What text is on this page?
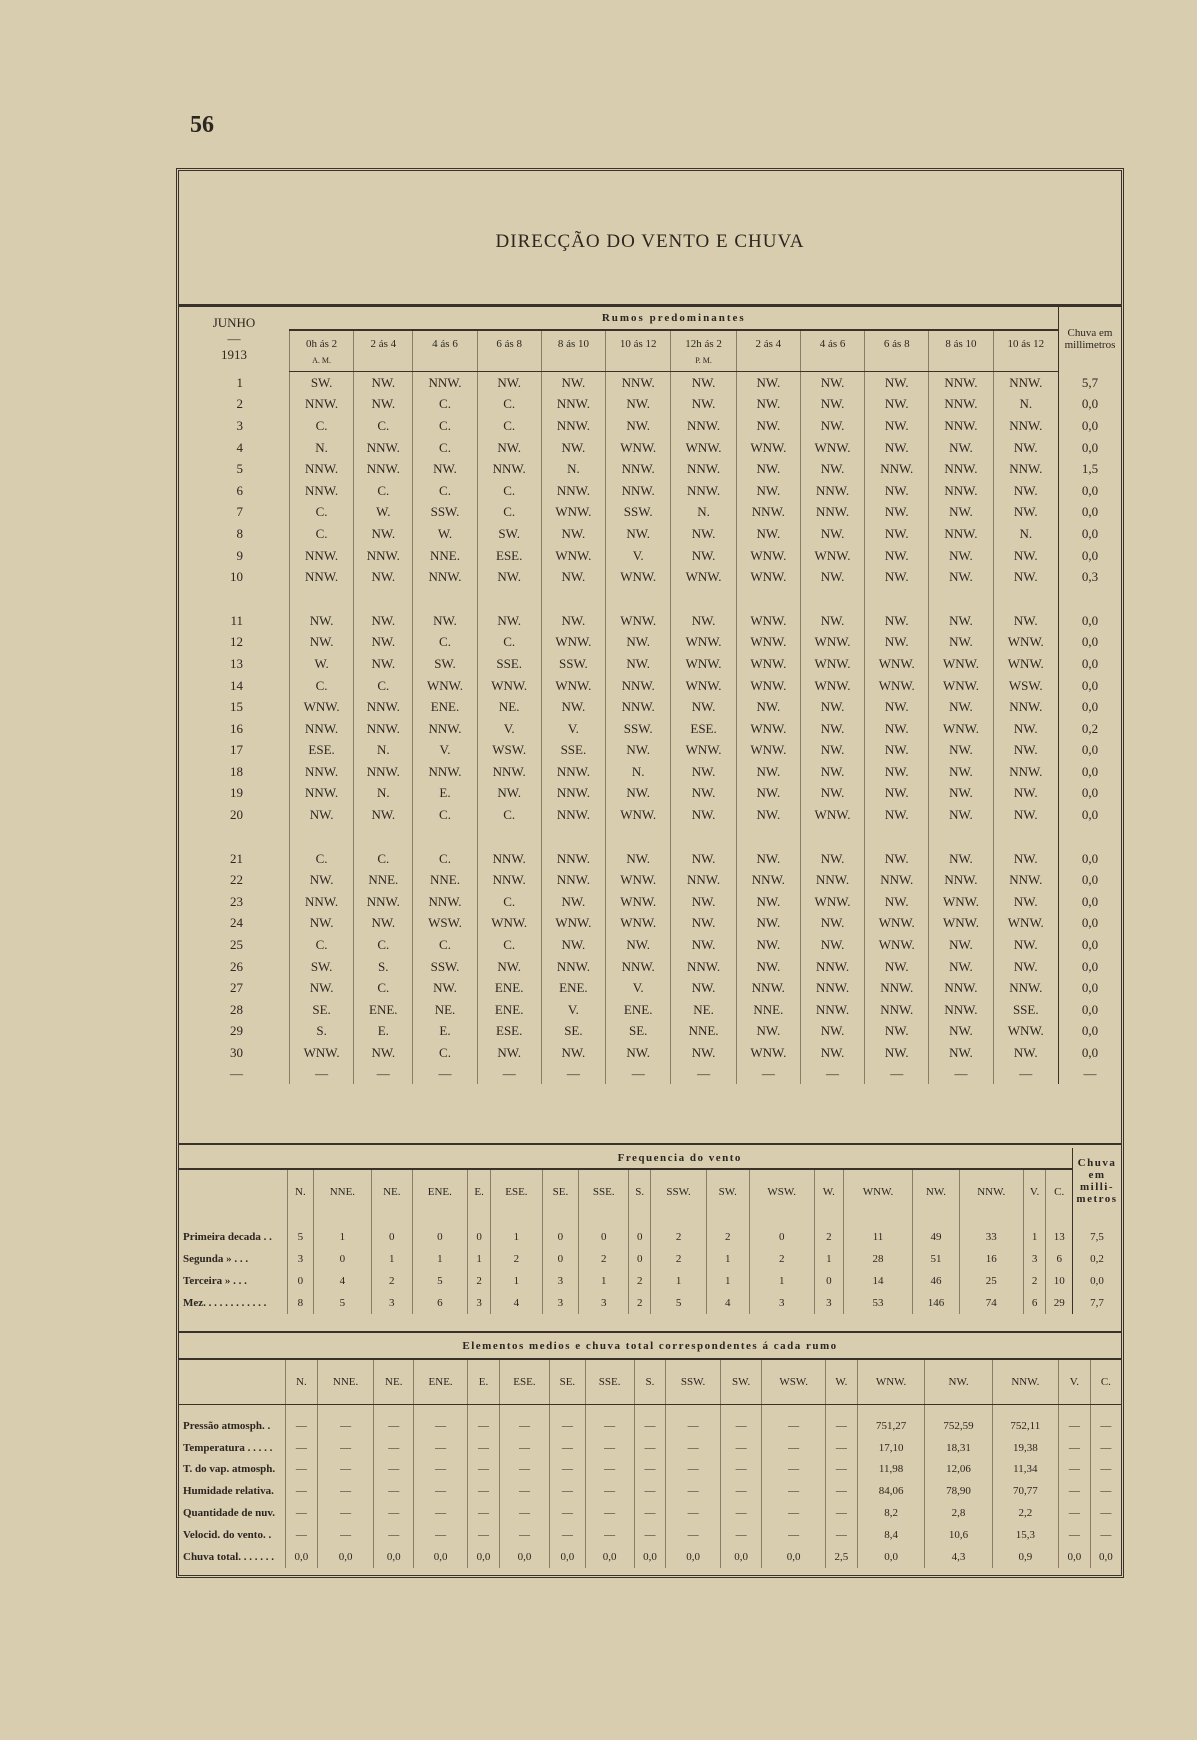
56
DIRECÇÃO DO VENTO E CHUVA
JUNHO
—
1913	Rumos predominantes												Chuva em millimetros
	0h ás 2
A. M.	2 ás 4	4 ás 6	6 ás 8	8 ás 10	10 ás 12	12h ás 2
P. M.	2 ás 4	4 ás 6	6 ás 8	8 ás 10	10 ás 12	

1	SW.	NW.	NNW.	NW.	NW.	NNW.	NW.	NW.	NW.	NW.	NNW.	NNW.	5,7
2	NNW.	NW.	C.	C.	NNW.	NW.	NW.	NW.	NW.	NW.	NNW.	N.	0,0
3	C.	C.	C.	C.	NNW.	NW.	NNW.	NW.	NW.	NW.	NNW.	NNW.	0,0
4	N.	NNW.	C.	NW.	NW.	WNW.	WNW.	WNW.	WNW.	NW.	NW.	NW.	0,0
5	NNW.	NNW.	NW.	NNW.	N.	NNW.	NNW.	NW.	NW.	NNW.	NNW.	NNW.	1,5
6	NNW.	C.	C.	C.	NNW.	NNW.	NNW.	NW.	NNW.	NW.	NNW.	NW.	0,0
7	C.	W.	SSW.	C.	WNW.	SSW.	N.	NNW.	NNW.	NW.	NW.	NW.	0,0
8	C.	NW.	W.	SW.	NW.	NW.	NW.	NW.	NW.	NW.	NNW.	N.	0,0
9	NNW.	NNW.	NNE.	ESE.	WNW.	V.	NW.	WNW.	WNW.	NW.	NW.	NW.	0,0
10	NNW.	NW.	NNW.	NW.	NW.	WNW.	WNW.	WNW.	NW.	NW.	NW.	NW.	0,3

11	NW.	NW.	NW.	NW.	NW.	WNW.	NW.	WNW.	NW.	NW.	NW.	NW.	0,0
12	NW.	NW.	C.	C.	WNW.	NW.	WNW.	WNW.	WNW.	NW.	NW.	WNW.	0,0
13	W.	NW.	SW.	SSE.	SSW.	NW.	WNW.	WNW.	WNW.	WNW.	WNW.	WNW.	0,0
14	C.	C.	WNW.	WNW.	WNW.	NNW.	WNW.	WNW.	WNW.	WNW.	WNW.	WSW.	0,0
15	WNW.	NNW.	ENE.	NE.	NW.	NNW.	NW.	NW.	NW.	NW.	NW.	NNW.	0,0
16	NNW.	NNW.	NNW.	V.	V.	SSW.	ESE.	WNW.	NW.	NW.	WNW.	NW.	0,2
17	ESE.	N.	V.	WSW.	SSE.	NW.	WNW.	WNW.	NW.	NW.	NW.	NW.	0,0
18	NNW.	NNW.	NNW.	NNW.	NNW.	N.	NW.	NW.	NW.	NW.	NW.	NNW.	0,0
19	NNW.	N.	E.	NW.	NNW.	NW.	NW.	NW.	NW.	NW.	NW.	NW.	0,0
20	NW.	NW.	C.	C.	NNW.	WNW.	NW.	NW.	WNW.	NW.	NW.	NW.	0,0

21	C.	C.	C.	NNW.	NNW.	NW.	NW.	NW.	NW.	NW.	NW.	NW.	0,0
22	NW.	NNE.	NNE.	NNW.	NNW.	WNW.	NNW.	NNW.	NNW.	NNW.	NNW.	NNW.	0,0
23	NNW.	NNW.	NNW.	C.	NW.	WNW.	NW.	NW.	WNW.	NW.	WNW.	NW.	0,0
24	NW.	NW.	WSW.	WNW.	WNW.	WNW.	NW.	NW.	NW.	WNW.	WNW.	WNW.	0,0
25	C.	C.	C.	C.	NW.	NW.	NW.	NW.	NW.	WNW.	NW.	NW.	0,0
26	SW.	S.	SSW.	NW.	NNW.	NNW.	NNW.	NW.	NNW.	NW.	NW.	NW.	0,0
27	NW.	C.	NW.	ENE.	ENE.	V.	NW.	NNW.	NNW.	NNW.	NNW.	NNW.	0,0
28	SE.	ENE.	NE.	ENE.	V.	ENE.	NE.	NNE.	NNW.	NNW.	NNW.	SSE.	0,0
29	S.	E.	E.	ESE.	SE.	SE.	NNE.	NW.	NW.	NW.	NW.	WNW.	0,0
30	WNW.	NW.	C.	NW.	NW.	NW.	NW.	WNW.	NW.	NW.	NW.	NW.	0,0
—	—	—	—	—	—	—	—	—	—	—	—	—	—
	Frequencia do vento																		Chuva em milli- metros
	N.	NNE.	NE.	ENE.	E.	ESE.	SE.	SSE.	S.	SSW.	SW.	WSW.	W.	WNW.	NW.	NNW.	V.	C.	
Primeira decada . .	5	1	0	0	0	1	0	0	0	2	2	0	2	11	49	33	1	13	7,5
Segunda » . . .	3	0	1	1	1	2	0	2	0	2	1	2	1	28	51	16	3	6	0,2
Terceira » . . .	0	4	2	5	2	1	3	1	2	1	1	1	0	14	46	25	2	10	0,0
Mez. . . . . . . . . . . .	8	5	3	6	3	4	3	3	2	5	4	3	3	53	146	74	6	29	7,7
Elementos medios e chuva total correspondentes á cada rumo																		
	N.	NNE.	NE.	ENE.	E.	ESE.	SE.	SSE.	S.	SSW.	SW.	WSW.	W.	WNW.	NW.	NNW.	V.	C.
Pressão atmosph. .	—	—	—	—	—	—	—	—	—	—	—	—	—	751,27	752,59	752,11	—	—
Temperatura . . . . .	—	—	—	—	—	—	—	—	—	—	—	—	—	17,10	18,31	19,38	—	—
T. do vap. atmosph.	—	—	—	—	—	—	—	—	—	—	—	—	—	11,98	12,06	11,34	—	—
Humidade relativa.	—	—	—	—	—	—	—	—	—	—	—	—	—	84,06	78,90	70,77	—	—
Quantidade de nuv.	—	—	—	—	—	—	—	—	—	—	—	—	—	8,2	2,8	2,2	—	—
Velocid. do vento. .	—	—	—	—	—	—	—	—	—	—	—	—	—	8,4	10,6	15,3	—	—
Chuva total. . . . . . .	0,0	0,0	0,0	0,0	0,0	0,0	0,0	0,0	0,0	0,0	0,0	0,0	2,5	0,0	4,3	0,9	0,0	0,0
